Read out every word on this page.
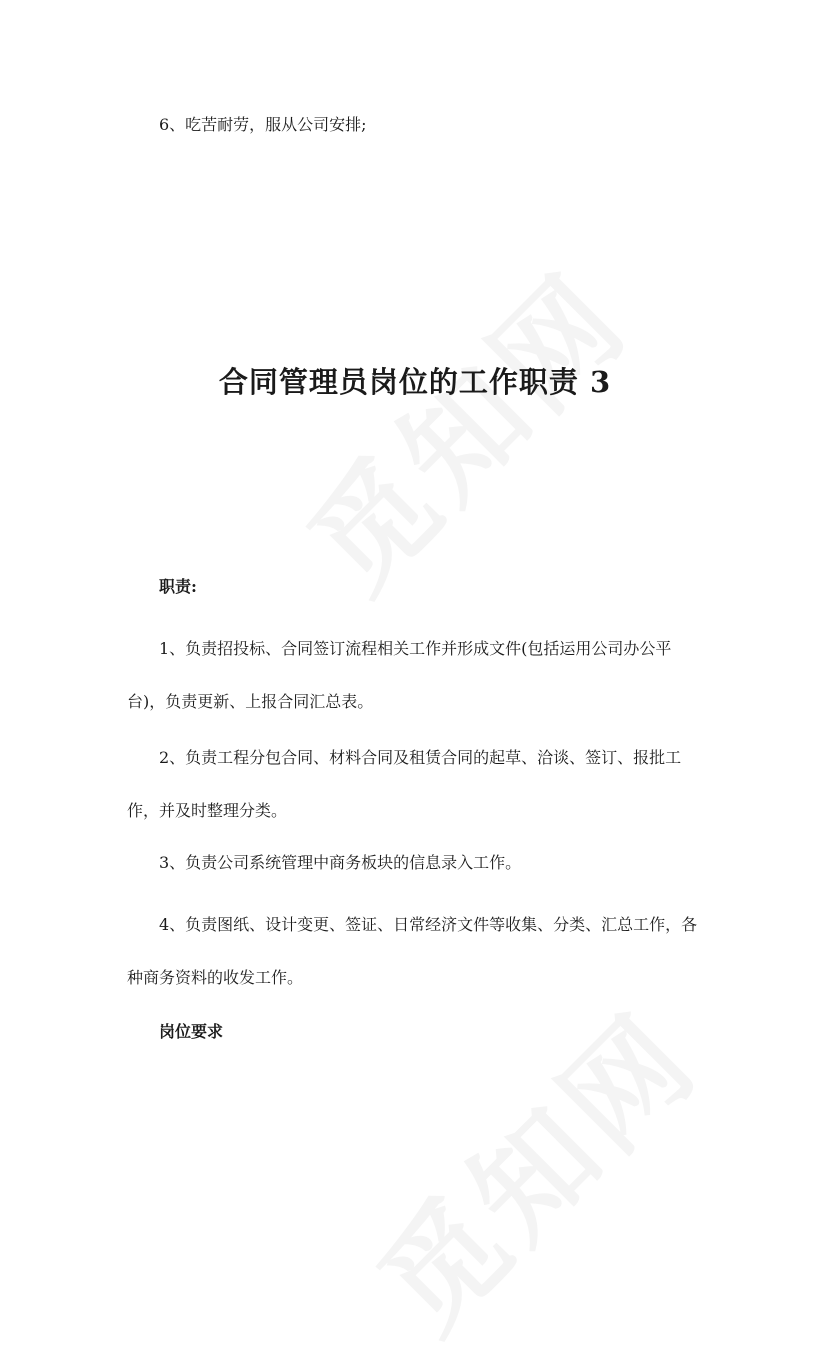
6、吃苦耐劳，服从公司安排;

合同管理员岗位的工作职责 3

职责:

1、负责招投标、合同签订流程相关工作并形成文件(包括运用公司办公平台)，负责更新、上报合同汇总表。

2、负责工程分包合同、材料合同及租赁合同的起草、洽谈、签订、报批工作，并及时整理分类。

3、负责公司系统管理中商务板块的信息录入工作。

4、负责图纸、设计变更、签证、日常经济文件等收集、分类、汇总工作，各种商务资料的收发工作。

岗位要求
